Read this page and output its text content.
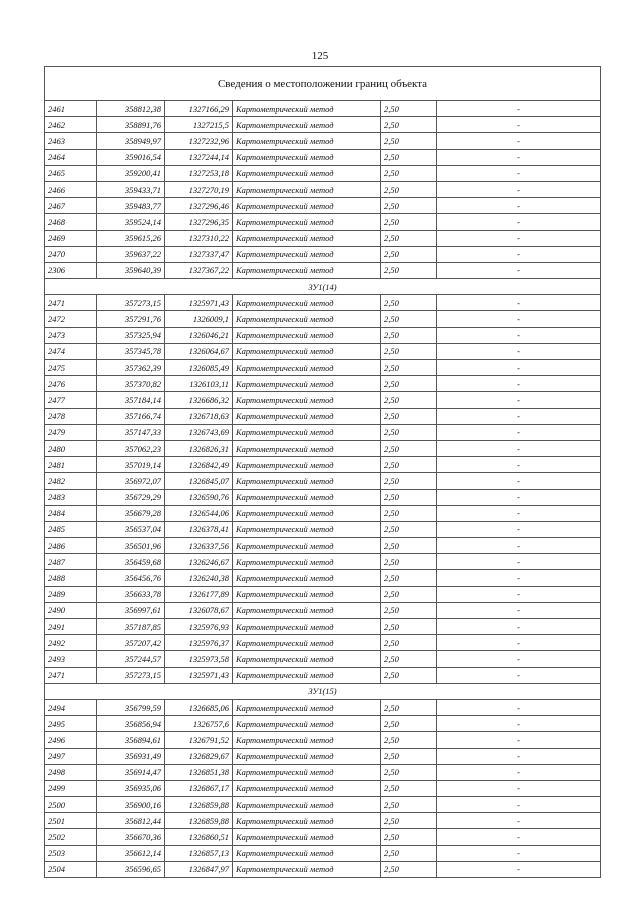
125
Сведения о местоположении границ объекта					
2461	358812,38	1327166,29	Картометрический метод	2,50	-
2462	358891,76	1327215,5	Картометрический метод	2,50	-
2463	358949,97	1327232,96	Картометрический метод	2,50	-
2464	359016,54	1327244,14	Картометрический метод	2,50	-
2465	359200,41	1327253,18	Картометрический метод	2,50	-
2466	359433,71	1327270,19	Картометрический метод	2,50	-
2467	359483,77	1327296,46	Картометрический метод	2,50	-
2468	359524,14	1327296,35	Картометрический метод	2,50	-
2469	359615,26	1327310,22	Картометрический метод	2,50	-
2470	359637,22	1327337,47	Картометрический метод	2,50	-
2306	359640,39	1327367,22	Картометрический метод	2,50	-
ЗУ1(14)					
2471	357273,15	1325971,43	Картометрический метод	2,50	-
2472	357291,76	1326009,1	Картометрический метод	2,50	-
2473	357325,94	1326046,21	Картометрический метод	2,50	-
2474	357345,78	1326064,67	Картометрический метод	2,50	-
2475	357362,39	1326085,49	Картометрический метод	2,50	-
2476	357370,82	1326103,11	Картометрический метод	2,50	-
2477	357184,14	1326686,32	Картометрический метод	2,50	-
2478	357166,74	1326718,63	Картометрический метод	2,50	-
2479	357147,33	1326743,69	Картометрический метод	2,50	-
2480	357062,23	1326826,31	Картометрический метод	2,50	-
2481	357019,14	1326842,49	Картометрический метод	2,50	-
2482	356972,07	1326845,07	Картометрический метод	2,50	-
2483	356729,29	1326590,76	Картометрический метод	2,50	-
2484	356679,28	1326544,06	Картометрический метод	2,50	-
2485	356537,04	1326378,41	Картометрический метод	2,50	-
2486	356501,96	1326337,56	Картометрический метод	2,50	-
2487	356459,68	1326246,67	Картометрический метод	2,50	-
2488	356456,76	1326240,38	Картометрический метод	2,50	-
2489	356633,78	1326177,89	Картометрический метод	2,50	-
2490	356997,61	1326078,67	Картометрический метод	2,50	-
2491	357187,85	1325976,93	Картометрический метод	2,50	-
2492	357207,42	1325976,37	Картометрический метод	2,50	-
2493	357244,57	1325973,58	Картометрический метод	2,50	-
2471	357273,15	1325971,43	Картометрический метод	2,50	-
ЗУ1(15)					
2494	356799,59	1326685,06	Картометрический метод	2,50	-
2495	356856,94	1326757,6	Картометрический метод	2,50	-
2496	356894,61	1326791,52	Картометрический метод	2,50	-
2497	356931,49	1326829,67	Картометрический метод	2,50	-
2498	356914,47	1326851,38	Картометрический метод	2,50	-
2499	356935,06	1326867,17	Картометрический метод	2,50	-
2500	356900,16	1326859,88	Картометрический метод	2,50	-
2501	356812,44	1326859,88	Картометрический метод	2,50	-
2502	356670,36	1326860,51	Картометрический метод	2,50	-
2503	356612,14	1326857,13	Картометрический метод	2,50	-
2504	356596,65	1326847,97	Картометрический метод	2,50	-
